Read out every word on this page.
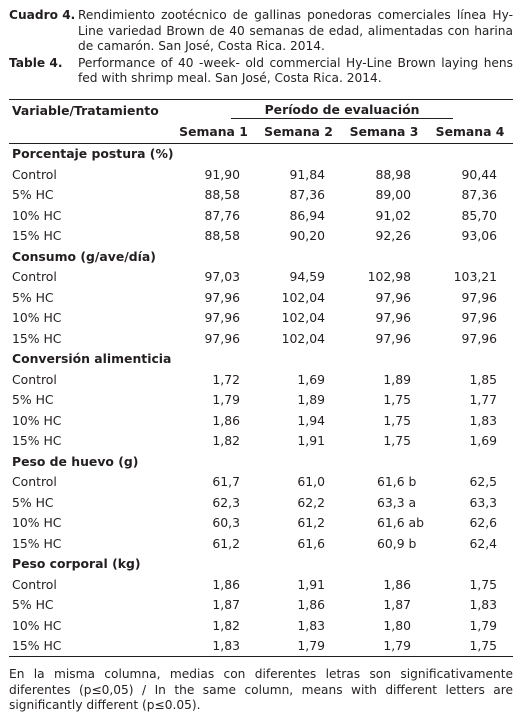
Cuadro 4. Rendimiento zootécnico de gallinas ponedoras comerciales línea Hy-Line variedad Brown de 40 semanas de edad, alimentadas con harina de camarón. San José, Costa Rica. 2014.
Table 4.	Performance of 40 -week- old commercial Hy-Line Brown laying hens fed with shrimp meal. San José, Costa Rica. 2014.
Variable/Tratamiento	Período de evaluación			
	Semana 1	Semana 2	Semana 3	Semana 4
Porcentaje postura (%)				
Control	91,90	91,84	88,98	90,44
5% HC	88,58	87,36	89,00	87,36
10% HC	87,76	86,94	91,02	85,70
15% HC	88,58	90,20	92,26	93,06
Consumo (g/ave/día)				
Control	97,03	94,59	102,98	103,21
5% HC	97,96	102,04	97,96	97,96
10% HC	97,96	102,04	97,96	97,96
15% HC	97,96	102,04	97,96	97,96
Conversión alimenticia				
Control	1,72	1,69	1,89	1,85
5% HC	1,79	1,89	1,75	1,77
10% HC	1,86	1,94	1,75	1,83
15% HC	1,82	1,91	1,75	1,69
Peso de huevo (g)				
Control	61,7	61,0	61,6 b	62,5
5% HC	62,3	62,2	63,3 a	63,3
10% HC	60,3	61,2	61,6 ab	62,6
15% HC	61,2	61,6	60,9 b	62,4
Peso corporal (kg)				
Control	1,86	1,91	1,86	1,75
5% HC	1,87	1,86	1,87	1,83
10% HC	1,82	1,83	1,80	1,79
15% HC	1,83	1,79	1,79	1,75
En la misma columna, medias con diferentes letras son significativamente diferentes (p≤0,05) / In the same column, means with different letters are significantly different (p≤0.05).
